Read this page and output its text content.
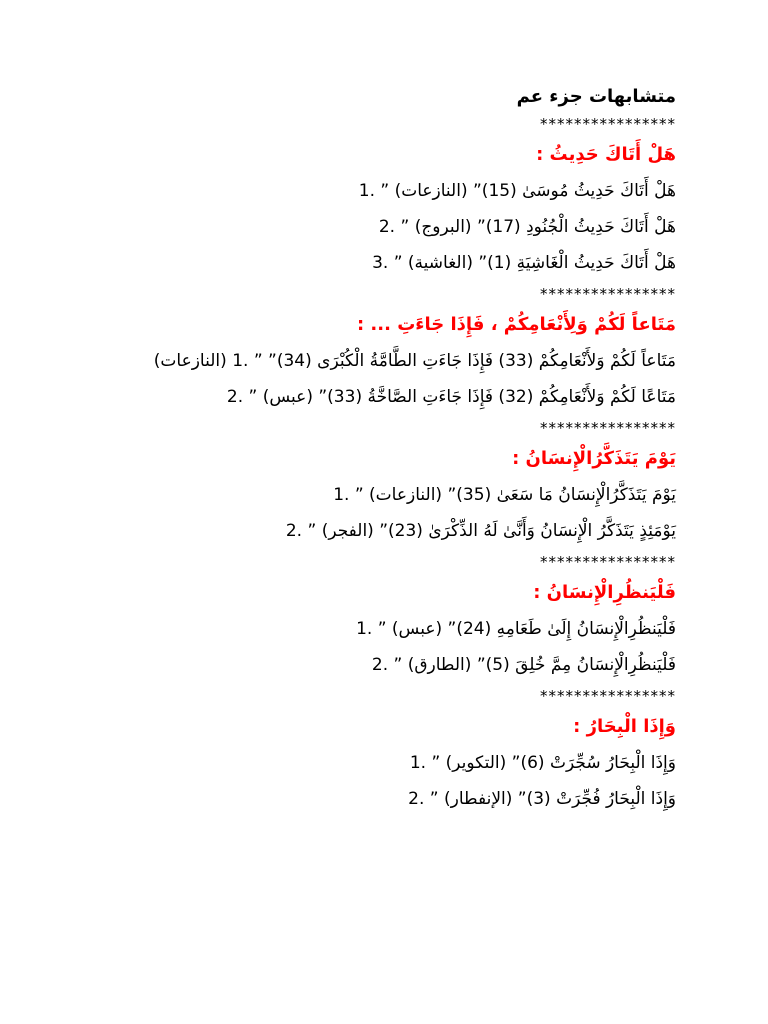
متشابهات جزء عم
****************
هَلْ أَتَاكَ حَدِيثُ :
هَلْ أَتَاكَ حَدِيثُ مُوسَىٰ (15)” (النازعات) ” .1
هَلْ أَتَاكَ حَدِيثُ الْجُنُودِ (17)” (البروج) ” .2
هَلْ أَتَاكَ حَدِيثُ الْغَاشِيَةِ (1)” (الغاشية) ” .3
****************
مَتَاعاً لَكُمْ وَلِأَنْعَامِكُمْ ، فَإِذَا جَاءَتِ ... :
مَتَاعاً لَكُمْ وَلأَنْعَامِكُمْ (33) فَإِذَا جَاءَتِ الطَّامَّةُ الْكُبْرَى (34)” ” .1 (النازعات)
مَتَاعًا لَكُمْ وَلأَنْعَامِكُمْ (32) فَإِذَا جَاءَتِ الصَّاخَّةُ (33)” (عبس) ” .2
****************
يَوْمَ يَتَذَكَّرُالْإِنسَانُ :
يَوْمَ يَتَذَكَّرُالْإِنسَانُ مَا سَعَىٰ (35)” (النازعات) ” .1
يَوْمَئِذٍ يَتَذَكَّرُ الْإِنسَانُ وَأَنَّىٰ لَهُ الذِّكْرَىٰ (23)” (الفجر) ” .2
****************
فَلْيَنظُرِالْإِنسَانُ :
فَلْيَنظُرِالْإِنسَانُ إِلَىٰ طَعَامِهِ (24)” (عبس) ” .1
فَلْيَنظُرِالْإِنسَانُ مِمَّ خُلِقَ (5)” (الطارق) ” .2
****************
وَإِذَا الْبِحَارُ :
وَإِذَا الْبِحَارُ سُجِّرَتْ (6)” (التكوير) ” .1
وَإِذَا الْبِحَارُ فُجِّرَتْ (3)” (الإنفطار) ” .2
